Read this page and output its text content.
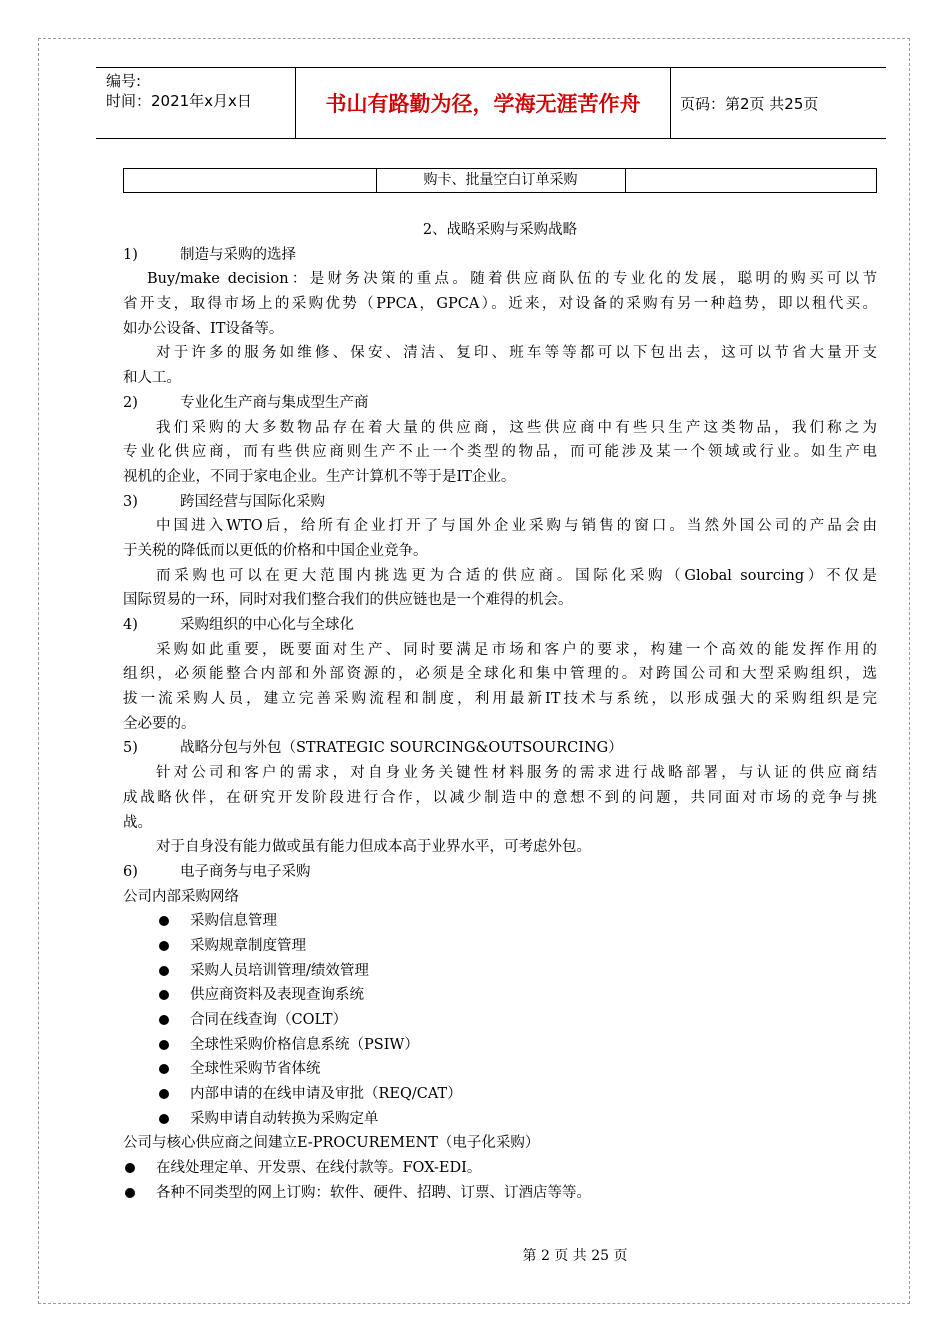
编号:
时间：2021年x月x日	书山有路勤为径，学海无涯苦作舟	页码：第2页 共25页
购卡、批量空白订单采购
2、战略采购与采购战略
1)	制造与采购的选择
Buy/make decision：是财务决策的重点。随着供应商队伍的专业化的发展，聪明的购买可以节
省开支，取得市场上的采购优势（PPCA，GPCA）。近来，对设备的采购有另一种趋势，即以租代买。
如办公设备、IT设备等。
对于许多的服务如维修、保安、清洁、复印、班车等等都可以下包出去，这可以节省大量开支
和人工。
2)	专业化生产商与集成型生产商
我们采购的大多数物品存在着大量的供应商，这些供应商中有些只生产这类物品，我们称之为
专业化供应商，而有些供应商则生产不止一个类型的物品，而可能涉及某一个领域或行业。如生产电
视机的企业，不同于家电企业。生产计算机不等于是IT企业。
3)	跨国经营与国际化采购
中国进入WTO后，给所有企业打开了与国外企业采购与销售的窗口。当然外国公司的产品会由
于关税的降低而以更低的价格和中国企业竞争。
而采购也可以在更大范围内挑选更为合适的供应商。国际化采购（Global sourcing）不仅是
国际贸易的一环，同时对我们整合我们的供应链也是一个难得的机会。
4)	采购组织的中心化与全球化
采购如此重要，既要面对生产、同时要满足市场和客户的要求，构建一个高效的能发挥作用的
组织，必须能整合内部和外部资源的，必须是全球化和集中管理的。对跨国公司和大型采购组织，选
拔一流采购人员，建立完善采购流程和制度，利用最新IT技术与系统，以形成强大的采购组织是完
全必要的。
5)	战略分包与外包（STRATEGIC SOURCING&OUTSOURCING）
针对公司和客户的需求，对自身业务关键性材料服务的需求进行战略部署，与认证的供应商结
成战略伙伴，在研究开发阶段进行合作，以减少制造中的意想不到的问题，共同面对市场的竞争与挑
战。
对于自身没有能力做或虽有能力但成本高于业界水平，可考虑外包。
6)	电子商务与电子采购
公司内部采购网络
采购信息管理
采购规章制度管理
采购人员培训管理/绩效管理
供应商资料及表现查询系统
合同在线查询（COLT）
全球性采购价格信息系统（PSIW）
全球性采购节省体统
内部申请的在线申请及审批（REQ/CAT）
采购申请自动转换为采购定单
公司与核心供应商之间建立E-PROCUREMENT（电子化采购）
在线处理定单、开发票、在线付款等。FOX-EDI。
各种不同类型的网上订购：软件、硬件、招聘、订票、订酒店等等。
第 2 页 共 25 页
